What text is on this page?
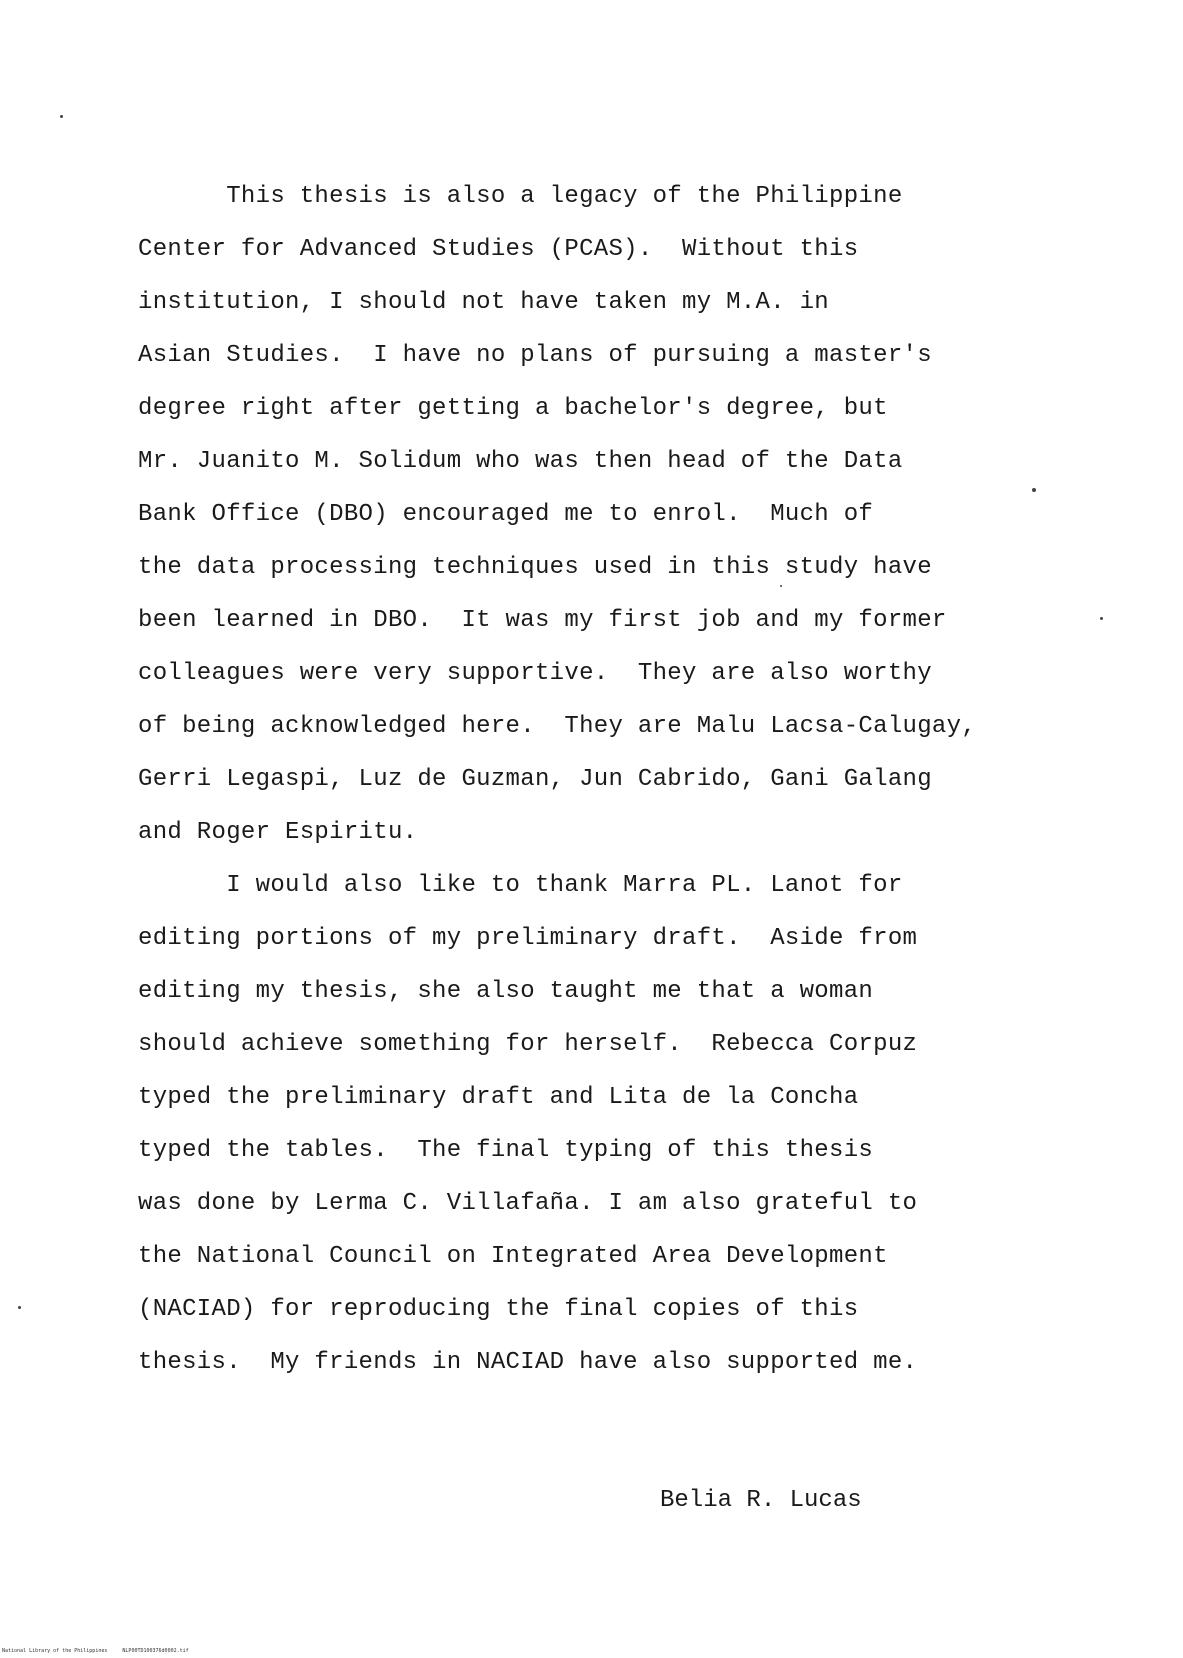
This thesis is also a legacy of the Philippine
Center for Advanced Studies (PCAS).  Without this
institution, I should not have taken my M.A. in
Asian Studies.  I have no plans of pursuing a master's
degree right after getting a bachelor's degree, but
Mr. Juanito M. Solidum who was then head of the Data
Bank Office (DBO) encouraged me to enrol.  Much of
the data processing techniques used in this study have
been learned in DBO.  It was my first job and my former
colleagues were very supportive.  They are also worthy
of being acknowledged here.  They are Malu Lacsa-Calugay,
Gerri Legaspi, Luz de Guzman, Jun Cabrido, Gani Galang
and Roger Espiritu.
I would also like to thank Marra PL. Lanot for
editing portions of my preliminary draft.  Aside from
editing my thesis, she also taught me that a woman
should achieve something for herself.  Rebecca Corpuz
typed the preliminary draft and Lita de la Concha
typed the tables.  The final typing of this thesis
was done by Lerma C. Villafaña. I am also grateful to
the National Council on Integrated Area Development
(NACIAD) for reproducing the final copies of this
thesis.  My friends in NACIAD have also supported me.
Belia R. Lucas
National Library of the Philippines     NLP00TD100376d0002.tif
